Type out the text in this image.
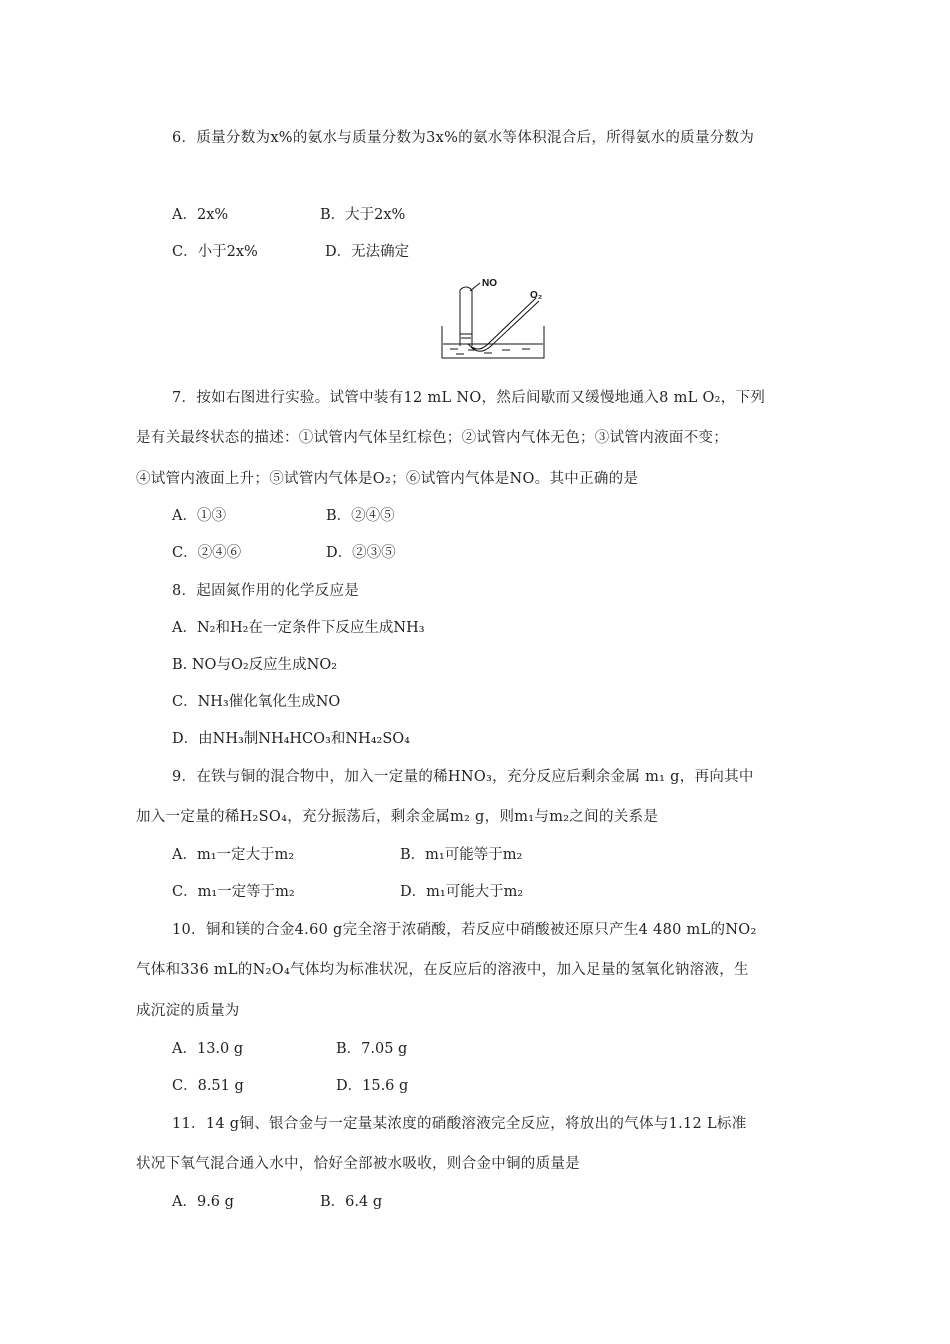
6．质量分数为x%的氨水与质量分数为3x%的氨水等体积混合后，所得氨水的质量分数为
A．2x%	B．大于2x%
C．小于2x%	D．无法确定
NO
O₂
7．按如右图进行实验。试管中装有12 mL NO，然后间歇而又缓慢地通入8 mL O₂，下列
是有关最终状态的描述：①试管内气体呈红棕色；②试管内气体无色；③试管内液面不变；
④试管内液面上升；⑤试管内气体是O₂；⑥试管内气体是NO。其中正确的是
A．①③	B．②④⑤
C．②④⑥	D．②③⑤
8．起固氮作用的化学反应是
A．N₂和H₂在一定条件下反应生成NH₃
B. NO与O₂反应生成NO₂
C．NH₃催化氧化生成NO
D．由NH₃制NH₄HCO₃和NH₄₂SO₄
9．在铁与铜的混合物中，加入一定量的稀HNO₃，充分反应后剩余金属 m₁ g，再向其中
加入一定量的稀H₂SO₄，充分振荡后，剩余金属m₂ g，则m₁与m₂之间的关系是
A．m₁一定大于m₂	B．m₁可能等于m₂
C．m₁一定等于m₂	D．m₁可能大于m₂
10．铜和镁的合金4.60 g完全溶于浓硝酸，若反应中硝酸被还原只产生4 480 mL的NO₂
气体和336 mL的N₂O₄气体均为标准状况，在反应后的溶液中，加入足量的氢氧化钠溶液，生
成沉淀的质量为
A．13.0 g	B．7.05 g
C．8.51 g	D．15.6 g
11．14 g铜、银合金与一定量某浓度的硝酸溶液完全反应，将放出的气体与1.12 L标准
状况下氧气混合通入水中，恰好全部被水吸收，则合金中铜的质量是
A．9.6 g	B．6.4 g
